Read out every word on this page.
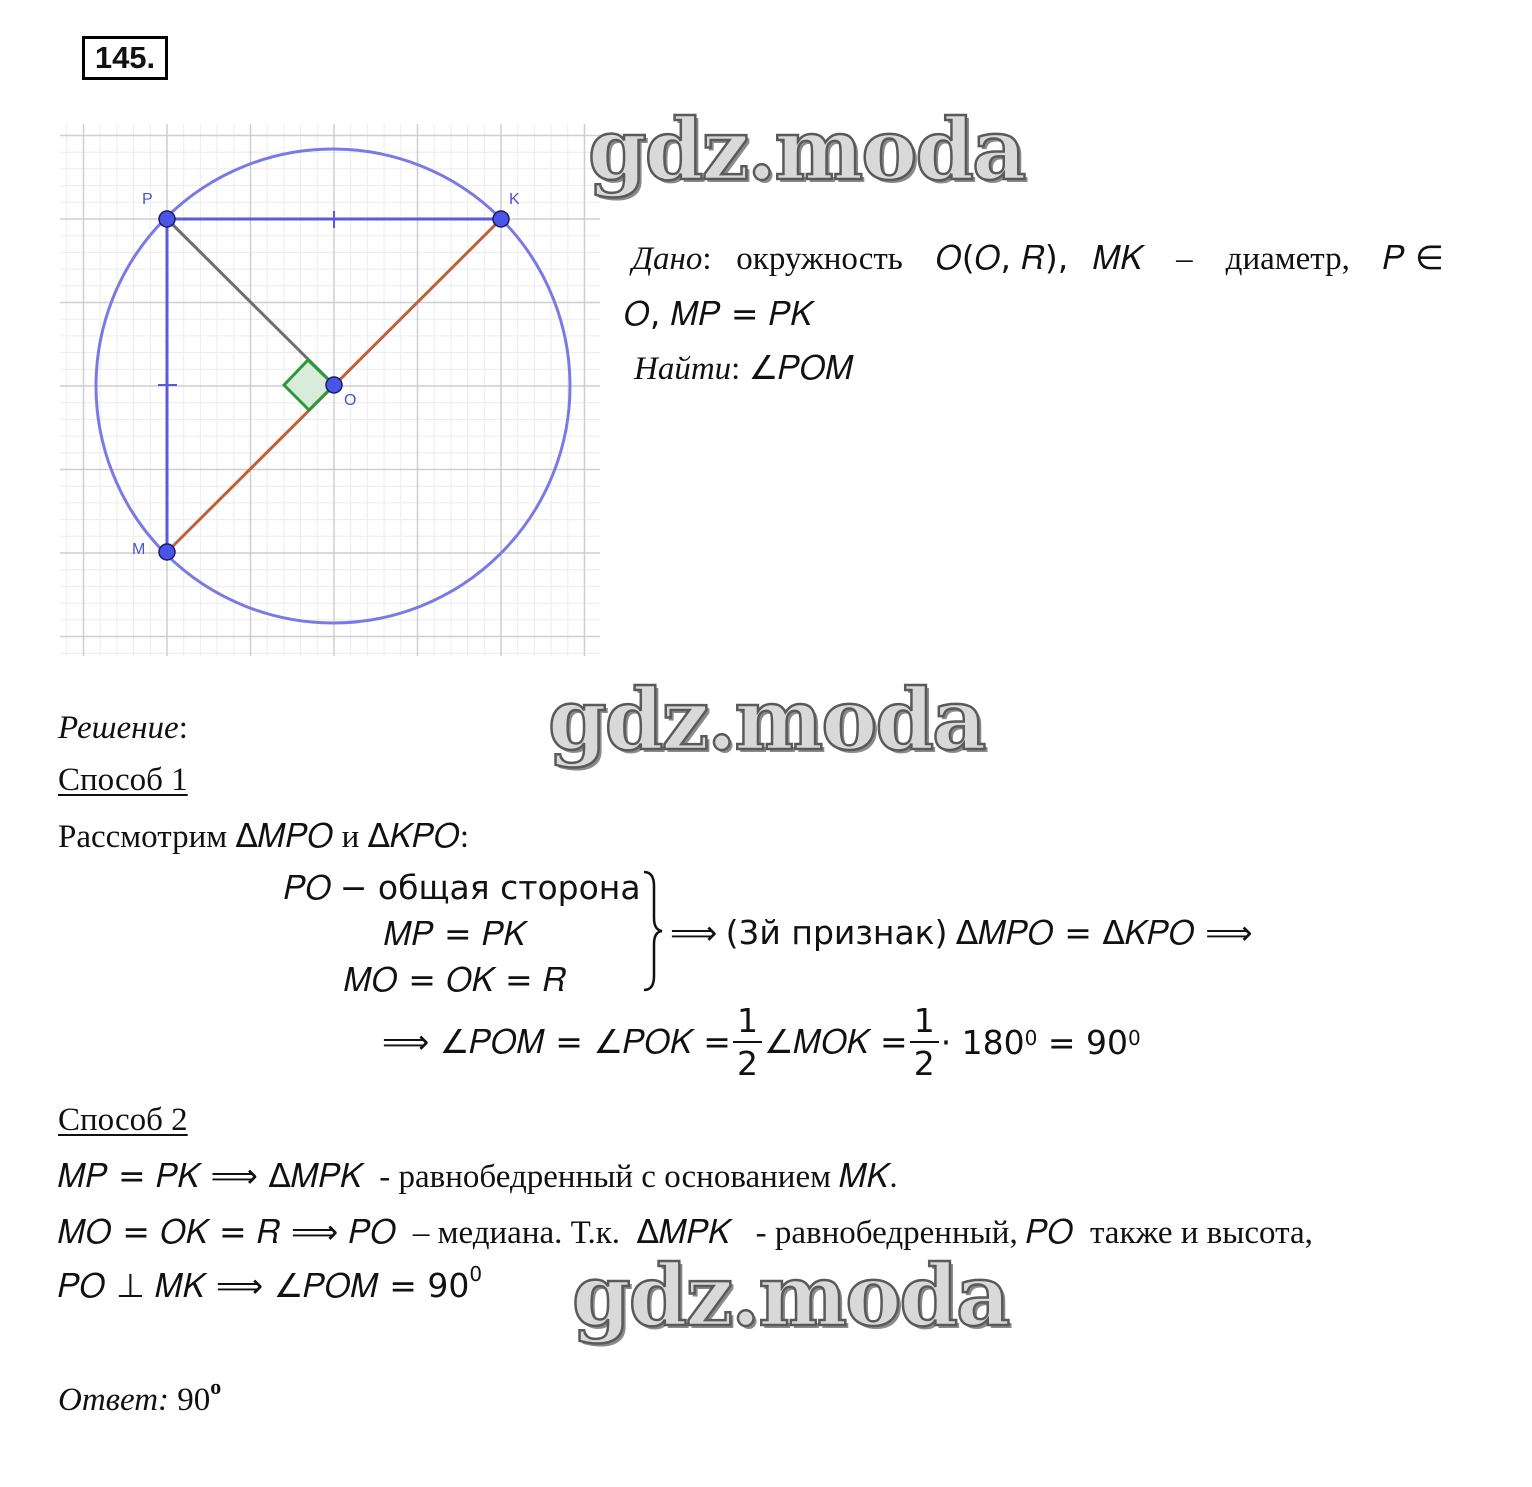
145.
P	K
O
M
gdz.moda
gdz.moda
gdz.moda
Дано:   окружность 𝑂(𝑂, 𝑅), 𝑀𝐾 – диаметр, 𝑃 ∈
𝑂, 𝑀𝑃 = 𝑃𝐾
Найти: ∠𝑃𝑂𝑀
Решение:
Способ 1
Рассмотрим Δ𝑀𝑃𝑂 и Δ𝐾𝑃𝑂:
𝑃𝑂 − общая сторона
𝑀𝑃 = 𝑃𝐾
𝑀𝑂 = 𝑂𝐾 = 𝑅
⟹ (3й признак) Δ𝑀𝑃𝑂 = Δ𝐾𝑃𝑂 ⟹
⟹ ∠𝑃𝑂𝑀 = ∠𝑃𝑂𝐾 = $\frac{1}{2}$ ∠𝑀𝑂𝐾 = $\frac{1}{2} \cdot 180^0$
= $90^0$
Способ 2
𝑀𝑃 = 𝑃𝐾 ⟹ Δ𝑀𝑃𝐾 - равнобедренный с основанием 𝑀𝐾.
𝑀𝑂 = 𝑂𝐾 = 𝑅 ⟹ 𝑃𝑂 – медиана. Т.к. Δ𝑀𝑃𝐾 - равнобедренный, 𝑃𝑂 также и высота,
𝑃𝑂 ⊥ 𝑀𝐾 ⟹ ∠𝑃𝑂𝑀 = $90^0$
Ответ: 90$^o$
